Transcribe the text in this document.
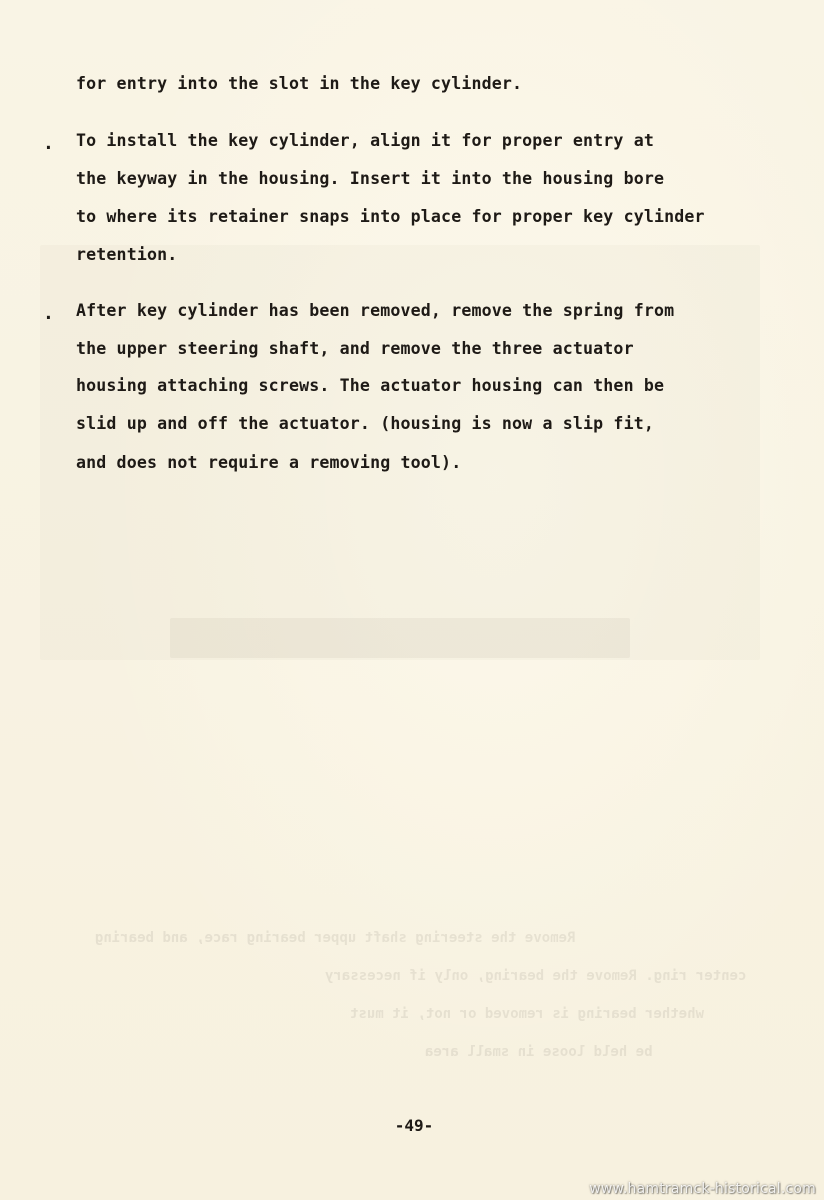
Remove the steering shaft upper bearing race, and bearing
center ring. Remove the bearing, only if necessary
whether bearing is removed or not, it must
be held loose in small area
for entry into the slot in the key cylinder.
. To install the key cylinder, align it for proper entry at
the keyway in the housing. Insert it into the housing bore
to where its retainer snaps into place for proper key cylinder
retention.
. After key cylinder has been removed, remove the spring from
the upper steering shaft, and remove the three actuator
housing attaching screws. The actuator housing can then be
slid up and off the actuator. (housing is now a slip fit,
and does not require a removing tool).
-49-
www.hamtramck-historical.com
